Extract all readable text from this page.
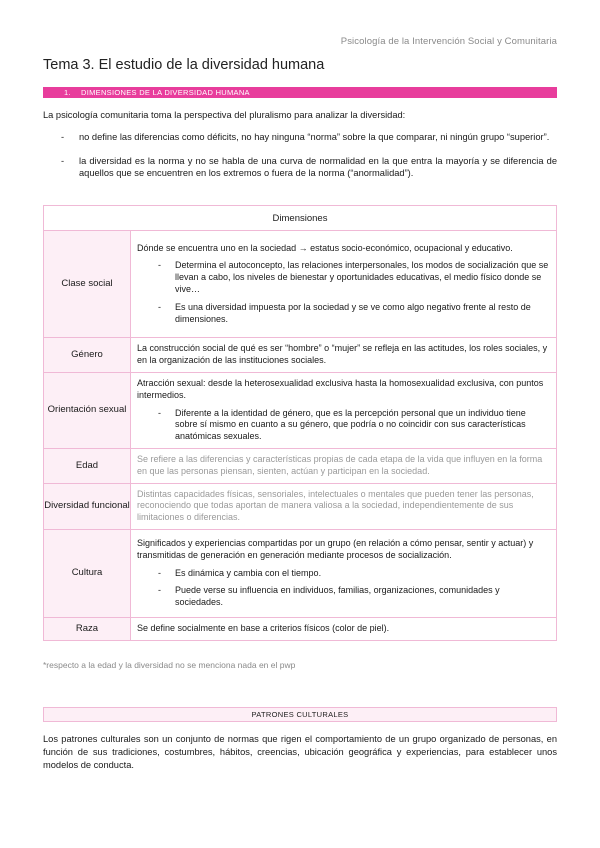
Psicología de la Intervención Social y Comunitaria
Tema 3. El estudio de la diversidad humana
1. DIMENSIONES DE LA DIVERSIDAD HUMANA
La psicología comunitaria toma la perspectiva del pluralismo para analizar la diversidad:
-	no define las diferencias como déficits, no hay ninguna “norma” sobre la que comparar, ni ningún grupo “superior”.
-	la diversidad es la norma y no se habla de una curva de normalidad en la que entra la mayoría y se diferencia de aquellos que se encuentren en los extremos o fuera de la norma (“anormalidad”).
Dimensiones	
Clase social	Dónde se encuentra uno en la sociedad → estatus socio-económico, ocupacional y educativo.
- Determina el autoconcepto, las relaciones interpersonales, los modos de socialización que se llevan a cabo, los niveles de bienestar y oportunidades educativas, el medio físico donde se vive…
- Es una diversidad impuesta por la sociedad y se ve como algo negativo frente al resto de dimensiones.

Género	La construcción social de qué es ser “hombre” o “mujer” se refleja en las actitudes, los roles sociales, y en la organización de las instituciones sociales.
Orientación sexual	Atracción sexual: desde la heterosexualidad exclusiva hasta la homosexualidad exclusiva, con puntos intermedios.
- Diferente a la identidad de género, que es la percepción personal que un individuo tiene sobre sí mismo en cuanto a su género, que podría o no coincidir con sus características anatómicas sexuales.

Edad	Se refiere a las diferencias y características propias de cada etapa de la vida que influyen en la forma en que las personas piensan, sienten, actúan y participan en la sociedad.
Diversidad funcional	Distintas capacidades físicas, sensoriales, intelectuales o mentales que pueden tener las personas, reconociendo que todas aportan de manera valiosa a la sociedad, independientemente de sus limitaciones o diferencias.
Cultura	Significados y experiencias compartidas por un grupo (en relación a cómo pensar, sentir y actuar) y transmitidas de generación en generación mediante procesos de socialización.
- Es dinámica y cambia con el tiempo.
- Puede verse su influencia en individuos, familias, organizaciones, comunidades y sociedades.

Raza	Se define socialmente en base a criterios físicos (color de piel).
*respecto a la edad y la diversidad no se menciona nada en el pwp
PATRONES CULTURALES
Los patrones culturales son un conjunto de normas que rigen el comportamiento de un grupo organizado de personas, en función de sus tradiciones, costumbres, hábitos, creencias, ubicación geográfica y experiencias, para establecer unos modelos de conducta.
